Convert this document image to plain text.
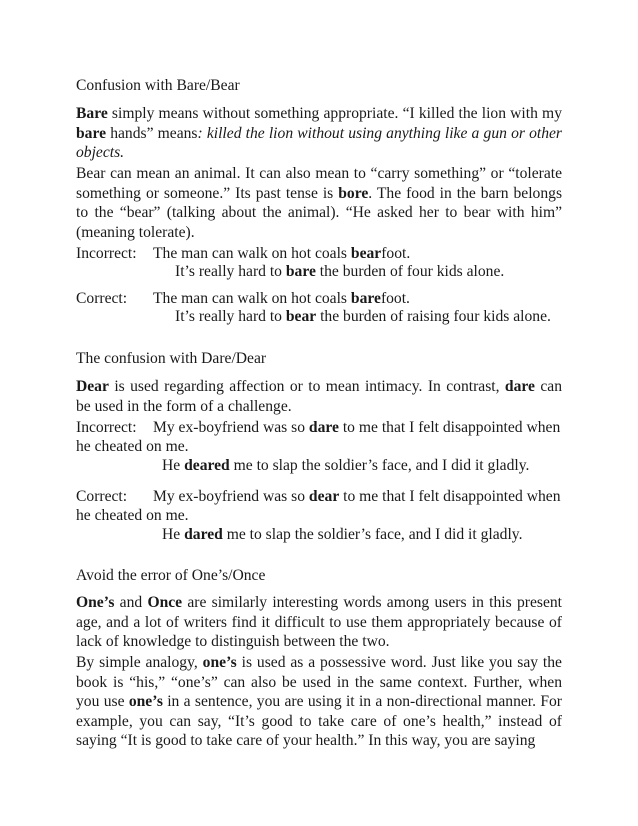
Confusion with Bare/Bear
Bare simply means without something appropriate. “I killed the lion with my bare hands” means: killed the lion without using anything like a gun or other objects.
Bear can mean an animal. It can also mean to “carry something” or “tolerate something or someone.” Its past tense is bore. The food in the barn belongs to the “bear” (talking about the animal). “He asked her to bear with him” (meaning tolerate).
Incorrect: The man can walk on hot coals bearfoot.
It’s really hard to bare the burden of four kids alone.
Correct: The man can walk on hot coals barefoot.
It’s really hard to bear the burden of raising four kids alone.
The confusion with Dare/Dear
Dear is used regarding affection or to mean intimacy. In contrast, dare can be used in the form of a challenge.
Incorrect: My ex-boyfriend was so dare to me that I felt disappointed when
he cheated on me.
He deared me to slap the soldier’s face, and I did it gladly.
Correct: My ex-boyfriend was so dear to me that I felt disappointed when
he cheated on me.
He dared me to slap the soldier’s face, and I did it gladly.
Avoid the error of One’s/Once
One’s and Once are similarly interesting words among users in this present age, and a lot of writers find it difficult to use them appropriately because of lack of knowledge to distinguish between the two.
By simple analogy, one’s is used as a possessive word. Just like you say the book is “his,” “one’s” can also be used in the same context. Further, when you use one’s in a sentence, you are using it in a non-directional manner. For example, you can say, “It’s good to take care of one’s health,” instead of saying “It is good to take care of your health.” In this way, you are saying
